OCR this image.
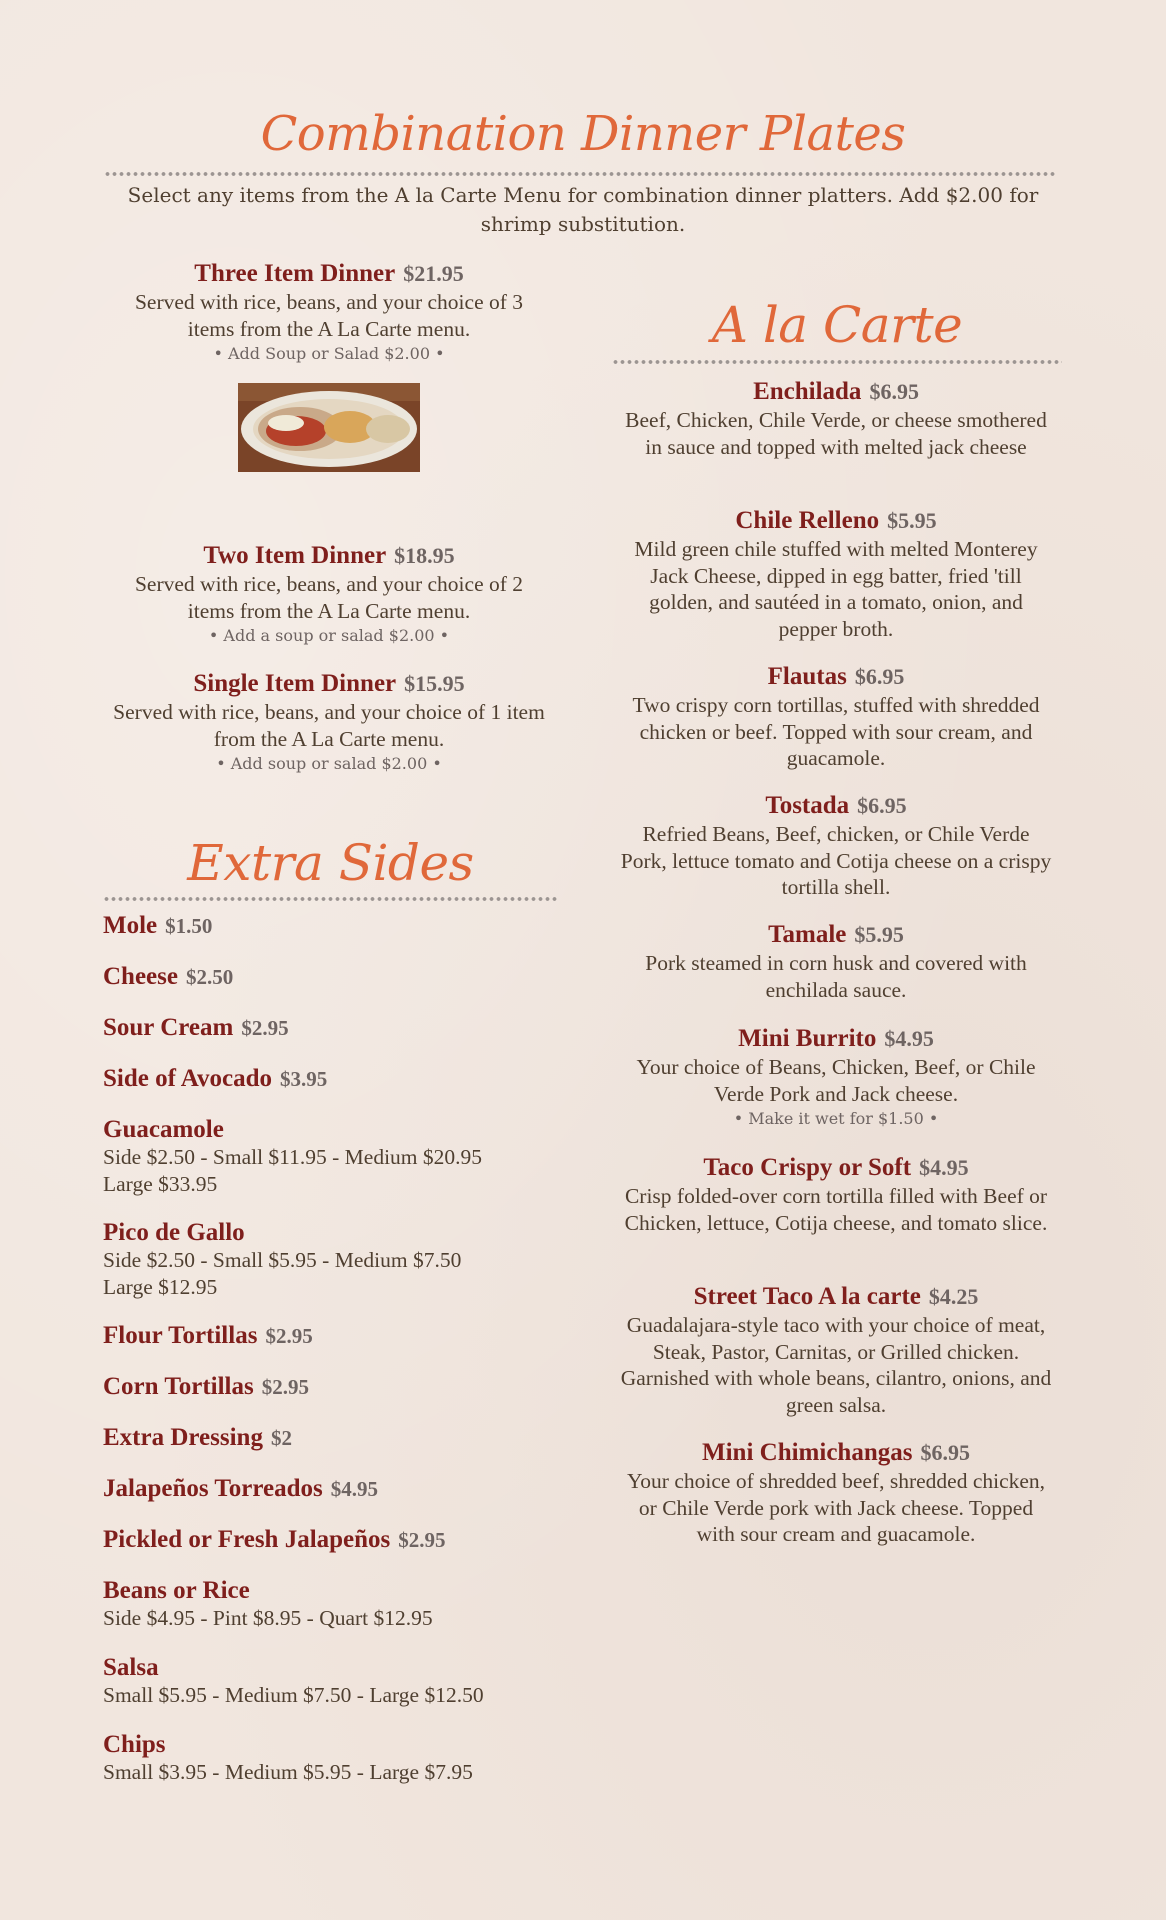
Combination Dinner Plates
Select any items from the A la Carte Menu for combination dinner platters. Add $2.00 for shrimp substitution.
Three Item Dinner $21.95
Served with rice, beans, and your choice of 3 items from the A La Carte menu.
• Add Soup or Salad $2.00 •
Two Item Dinner $18.95
Served with rice, beans, and your choice of 2 items from the A La Carte menu.
• Add a soup or salad $2.00 •
Single Item Dinner $15.95
Served with rice, beans, and your choice of 1 item from the A La Carte menu.
• Add soup or salad $2.00 •
A la Carte
Enchilada $6.95
Beef, Chicken, Chile Verde, or cheese smothered in sauce and topped with melted jack cheese
Chile Relleno $5.95
Mild green chile stuffed with melted Monterey Jack Cheese, dipped in egg batter, fried 'till golden, and sautéed in a tomato, onion, and pepper broth.
Flautas $6.95
Two crispy corn tortillas, stuffed with shredded chicken or beef. Topped with sour cream, and guacamole.
Tostada $6.95
Refried Beans, Beef, chicken, or Chile Verde Pork, lettuce tomato and Cotija cheese on a crispy tortilla shell.
Tamale $5.95
Pork steamed in corn husk and covered with enchilada sauce.
Mini Burrito $4.95
Your choice of Beans, Chicken, Beef, or Chile Verde Pork and Jack cheese.
• Make it wet for $1.50 •
Taco Crispy or Soft $4.95
Crisp folded-over corn tortilla filled with Beef or Chicken, lettuce, Cotija cheese, and tomato slice.
Street Taco A la carte $4.25
Guadalajara-style taco with your choice of meat, Steak, Pastor, Carnitas, or Grilled chicken. Garnished with whole beans, cilantro, onions, and green salsa.
Mini Chimichangas $6.95
Your choice of shredded beef, shredded chicken, or Chile Verde pork with Jack cheese. Topped with sour cream and guacamole.
Extra Sides
Mole $1.50
Cheese $2.50
Sour Cream $2.95
Side of Avocado $3.95
Guacamole
Side $2.50 - Small $11.95 - Medium $20.95
Large $33.95
Pico de Gallo
Side $2.50 - Small $5.95 - Medium $7.50
Large $12.95
Flour Tortillas $2.95
Corn Tortillas $2.95
Extra Dressing $2
Jalapeños Torreados $4.95
Pickled or Fresh Jalapeños $2.95
Beans or Rice
Side $4.95 - Pint $8.95 - Quart $12.95
Salsa
Small $5.95 - Medium $7.50 - Large $12.50
Chips
Small $3.95 - Medium $5.95 - Large $7.95
